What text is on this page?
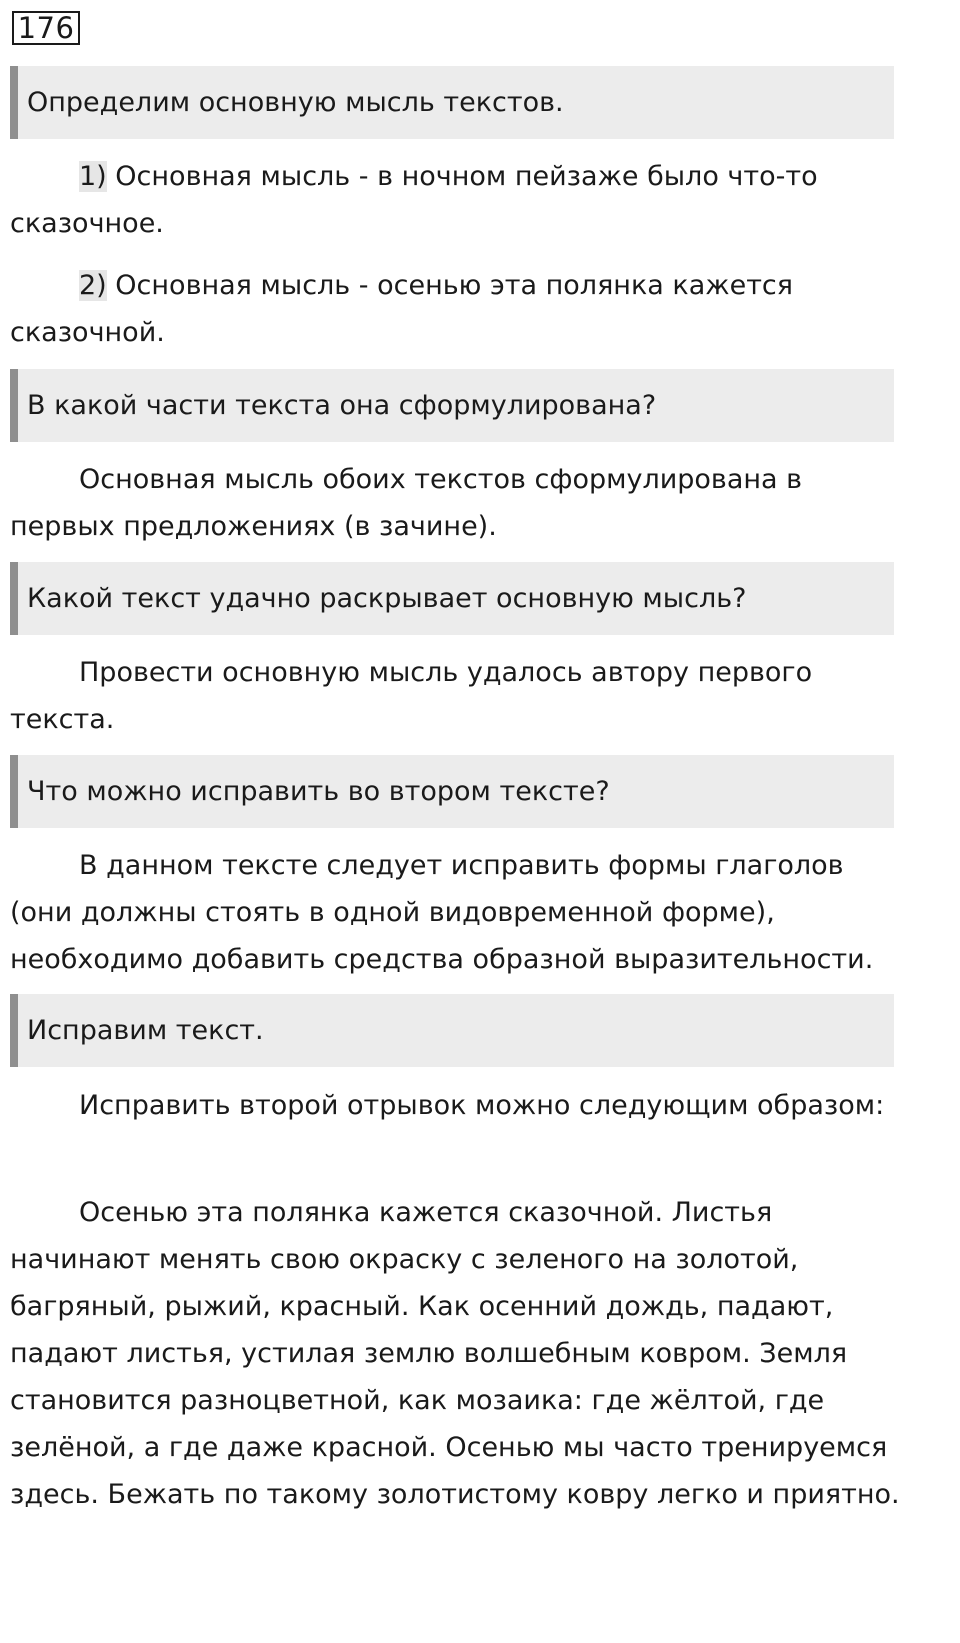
176
Определим основную мысль текстов.

1) Основная мысль - в ночном пейзаже было что-то сказочное.

2) Основная мысль - осенью эта полянка кажется сказочной.

В какой части текста она сформулирована?

Основная мысль обоих текстов сформулирована в первых предложениях (в зачине).

Какой текст удачно раскрывает основную мысль?

Провести основную мысль удалось автору первого текста.

Что можно исправить во втором тексте?

В данном тексте следует исправить формы глаголов (они должны стоять в одной видовременной форме), необходимо добавить средства образной выразительности.

Исправим текст.

Исправить второй отрывок можно следующим образом:

Осенью эта полянка кажется сказочной. Листья начинают менять свою окраску с зеленого на золотой, багряный, рыжий, красный. Как осенний дождь, падают, падают листья, устилая землю волшебным ковром. Земля становится разноцветной, как мозаика: где жёлтой, где зелёной, а где даже красной. Осенью мы часто тренируемся здесь. Бежать по такому золотистому ковру легко и приятно.
